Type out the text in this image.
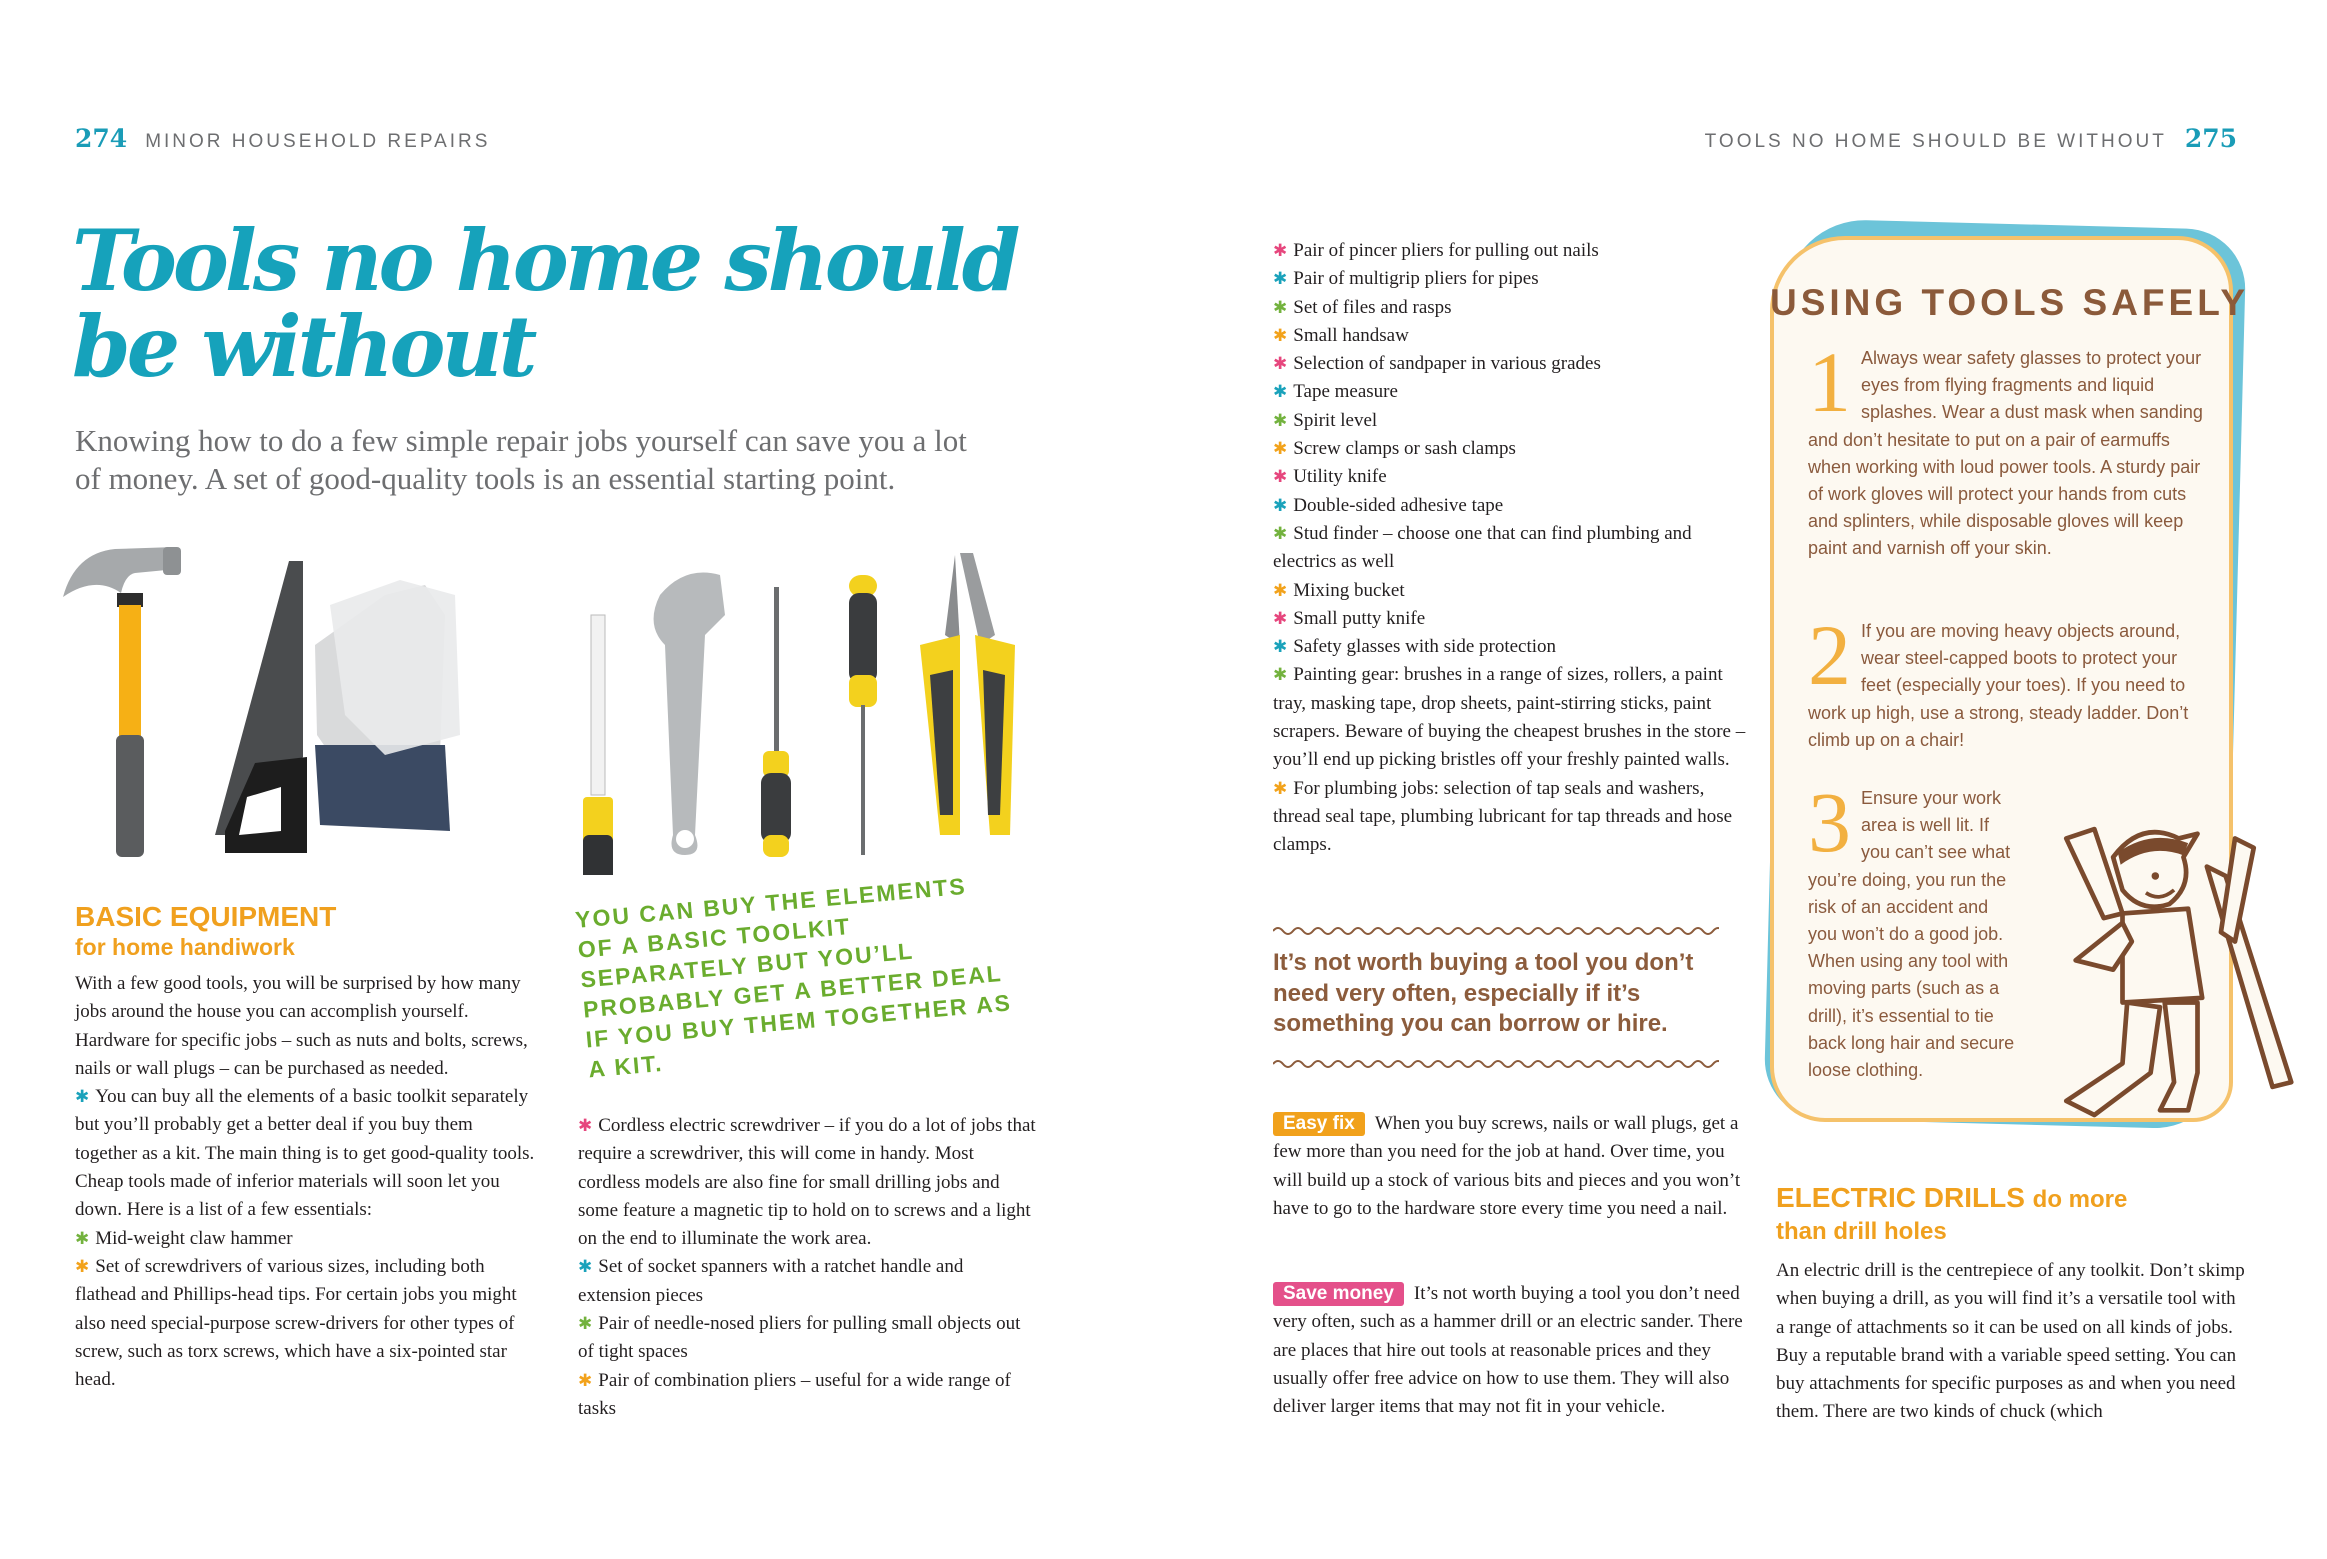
274 MINOR HOUSEHOLD REPAIRS	TOOLS NO HOME SHOULD BE WITHOUT 275
Tools no home should
be without
Knowing how to do a few simple repair jobs yourself can save you a lot of money. A set of good-quality tools is an essential starting point.
BASIC EQUIPMENT
for home handiwork

With a few good tools, you will be surprised by how many jobs around the house you can accomplish yourself. Hardware for specific jobs – such as nuts and bolts, screws, nails or wall plugs – can be purchased as needed.

✱ You can buy all the elements of a basic toolkit separately but you’ll probably get a better deal if you buy them together as a kit. The main thing is to get good-quality tools. Cheap tools made of inferior materials will soon let you down. Here is a list of a few essentials:

✱ Mid-weight claw hammer

✱ Set of screwdrivers of various sizes, including both flathead and Phillips-head tips. For certain jobs you might also need special-purpose screw-drivers for other types of screw, such as torx screws, which have a six-pointed star head.

YOU CAN BUY THE ELEMENTS OF A BASIC TOOLKIT SEPARATELY BUT YOU’LL PROBABLY GET A BETTER DEAL IF YOU BUY THEM TOGETHER AS A KIT.

✱ Cordless electric screwdriver – if you do a lot of jobs that require a screwdriver, this will come in handy. Most cordless models are also fine for small drilling jobs and some feature a magnetic tip to hold on to screws and a light on the end to illuminate the work area.

✱ Set of socket spanners with a ratchet handle and extension pieces

✱ Pair of needle-nosed pliers for pulling small objects out of tight spaces

✱ Pair of combination pliers – useful for a wide range of tasks

✱ Pair of pincer pliers for pulling out nails

✱ Pair of multigrip pliers for pipes

✱ Set of files and rasps

✱ Small handsaw

✱ Selection of sandpaper in various grades

✱ Tape measure

✱ Spirit level

✱ Screw clamps or sash clamps

✱ Utility knife

✱ Double-sided adhesive tape

✱ Stud finder – choose one that can find plumbing and electrics as well

✱ Mixing bucket

✱ Small putty knife

✱ Safety glasses with side protection

✱ Painting gear: brushes in a range of sizes, rollers, a paint tray, masking tape, drop sheets, paint-stirring sticks, paint scrapers. Beware of buying the cheapest brushes in the store – you’ll end up picking bristles off your freshly painted walls.

✱ For plumbing jobs: selection of tap seals and washers, thread seal tape, plumbing lubricant for tap threads and hose clamps.

It’s not worth buying a tool you don’t need very often, especially if it’s something you can borrow or hire.

Easy fix When you buy screws, nails or wall plugs, get a few more than you need for the job at hand. Over time, you will build up a stock of various bits and pieces and you won’t have to go to the hardware store every time you need a nail.

Save money It’s not worth buying a tool you don’t need very often, such as a hammer drill or an electric sander. There are places that hire out tools at reasonable prices and they usually offer free advice on how to use them. They will also deliver larger items that may not fit in your vehicle.

USING TOOLS SAFELY
1 Always wear safety glasses to protect your eyes from flying fragments and liquid splashes. Wear a dust mask when sanding and don’t hesitate to put on a pair of earmuffs when working with loud power tools. A sturdy pair of work gloves will protect your hands from cuts and splinters, while disposable gloves will keep paint and varnish off your skin.
2 If you are moving heavy objects around, wear steel-capped boots to protect your feet (especially your toes). If you need to work up high, use a strong, steady ladder. Don’t climb up on a chair!
3 Ensure your work area is well lit. If you can’t see what you’re doing, you run the risk of an accident and you won’t do a good job. When using any tool with moving parts (such as a drill), it’s essential to tie back long hair and secure loose clothing.
ELECTRIC DRILLS do more
than drill holes
An electric drill is the centrepiece of any toolkit. Don’t skimp when buying a drill, as you will find it’s a versatile tool with a range of attachments so it can be used on all kinds of jobs. Buy a reputable brand with a variable speed setting. You can buy attachments for specific purposes as and when you need them. There are two kinds of chuck (which
